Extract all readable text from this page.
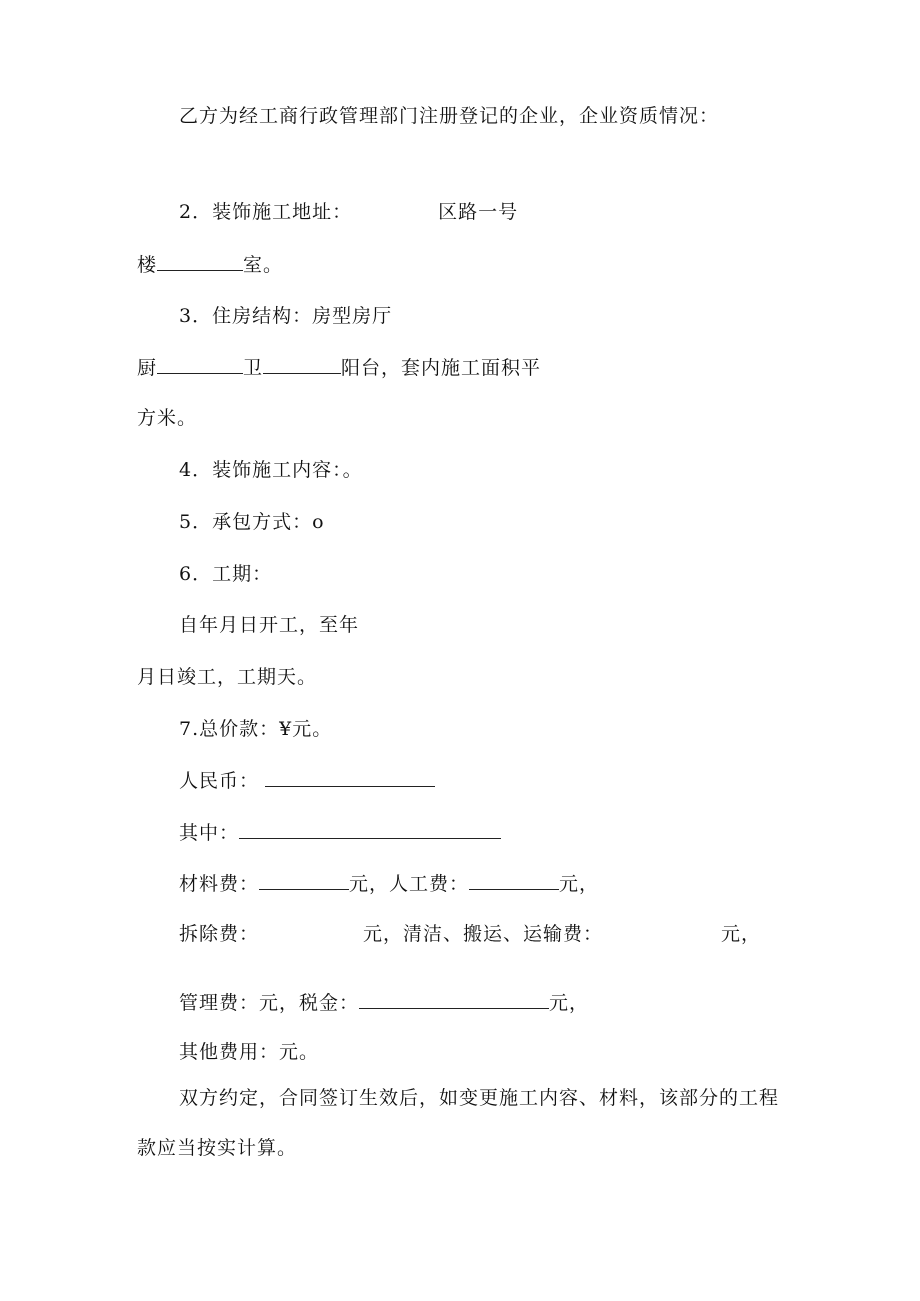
乙方为经工商行政管理部门注册登记的企业，企业资质情况：
2．装饰施工地址：	区路一号
楼	室。
3．住房结构：房型房厅
厨	卫	阳台，套内施工面积平
方米。
4．装饰施工内容：。
5．承包方式：o
6．工期：
自年月日开工，至年
月日竣工，工期天。
7.总价款：¥元。
人民币：
其中：
材料费：	元，人工费：	元，
拆除费：	元，清洁、搬运、运输费：	元，
管理费：元，税金：	元，
其他费用：元。
双方约定，合同签订生效后，如变更施工内容、材料，该部分的工程
款应当按实计算。
